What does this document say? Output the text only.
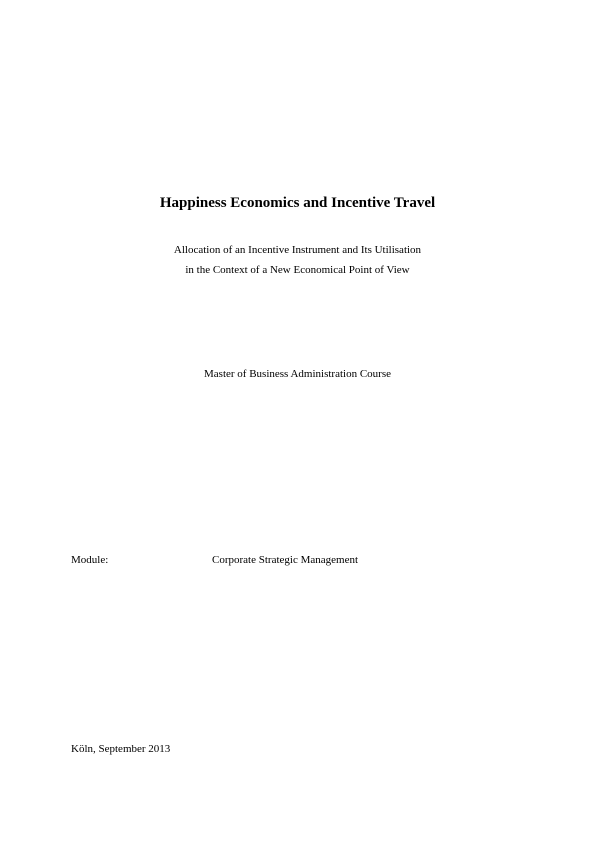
Happiness Economics and Incentive Travel
Allocation of an Incentive Instrument and Its Utilisation
in the Context of a New Economical Point of View
Master of Business Administration Course
Module:	Corporate Strategic Management
Köln, September 2013
